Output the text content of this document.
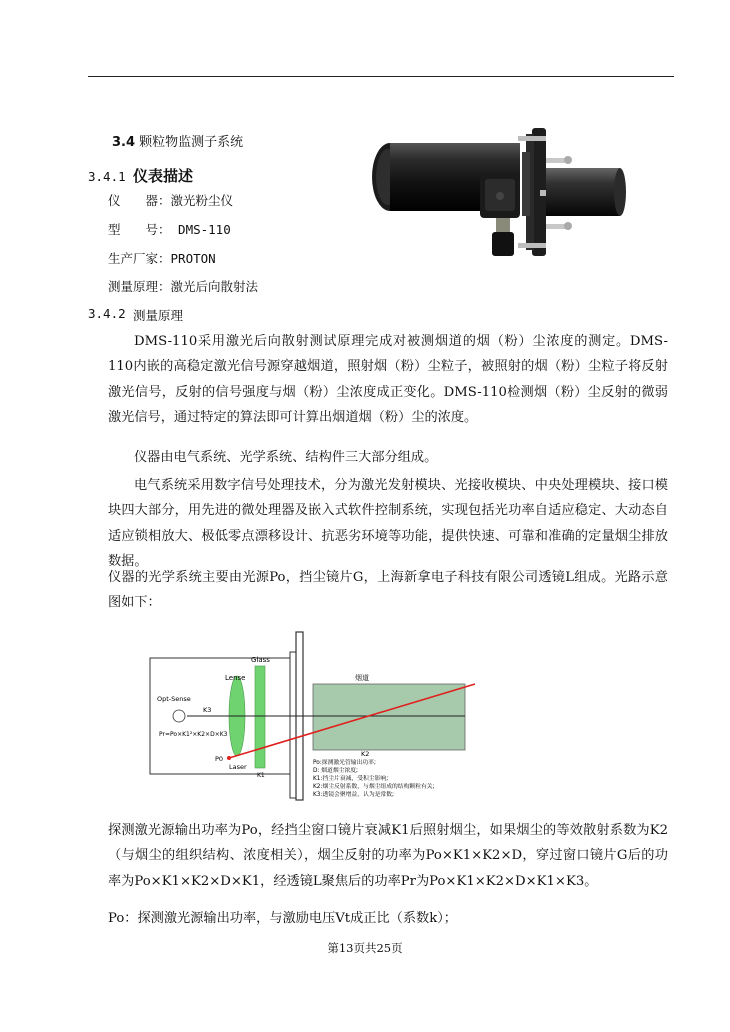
3.4 颗粒物监测子系统
3.4.1 仪表描述
仪　　器：激光粉尘仪
型　　号： DMS-110
生产厂家：PROTON
测量原理：激光后向散射法
3.4.2 测量原理

DMS-110采用激光后向散射测试原理完成对被测烟道的烟（粉）尘浓度的测定。DMS-110内嵌的高稳定激光信号源穿越烟道，照射烟（粉）尘粒子，被照射的烟（粉）尘粒子将反射激光信号，反射的信号强度与烟（粉）尘浓度成正变化。DMS-110检测烟（粉）尘反射的微弱激光信号，通过特定的算法即可计算出烟道烟（粉）尘的浓度。

仪器由电气系统、光学系统、结构件三大部分组成。

电气系统采用数字信号处理技术，分为激光发射模块、光接收模块、中央处理模块、接口模块四大部分，用先进的微处理器及嵌入式软件控制系统，实现包括光功率自适应稳定、大动态自适应锁相放大、极低零点漂移设计、抗恶劣环境等功能，提供快速、可靠和准确的定量烟尘排放数据。

仪器的光学系统主要由光源Po，挡尘镜片G，上海新拿电子科技有限公司透镜L组成。光路示意图如下：

Glass
Lense	烟道
Opt-Sense
K3
Pr=Po×K1²×K2×D×K3
K2
P0
Laser
K1
Po:探测激光管输出功率;
D: 烟道烟尘浓度;
K1:挡尘片衰减，受积尘影响;
K2:烟尘反射系数，与烟尘组成的结构颗粒有关;
K3:透镜会聚增益，认为是常数;

探测激光源输出功率为Po，经挡尘窗口镜片衰减K1后照射烟尘，如果烟尘的等效散射系数为K2（与烟尘的组织结构、浓度相关），烟尘反射的功率为Po×K1×K2×D，穿过窗口镜片G后的功率为Po×K1×K2×D×K1，经透镜L聚焦后的功率Pr为Po×K1×K2×D×K1×K3。

Po：探测激光源输出功率，与激励电压Vt成正比（系数k）；

第13页共25页
